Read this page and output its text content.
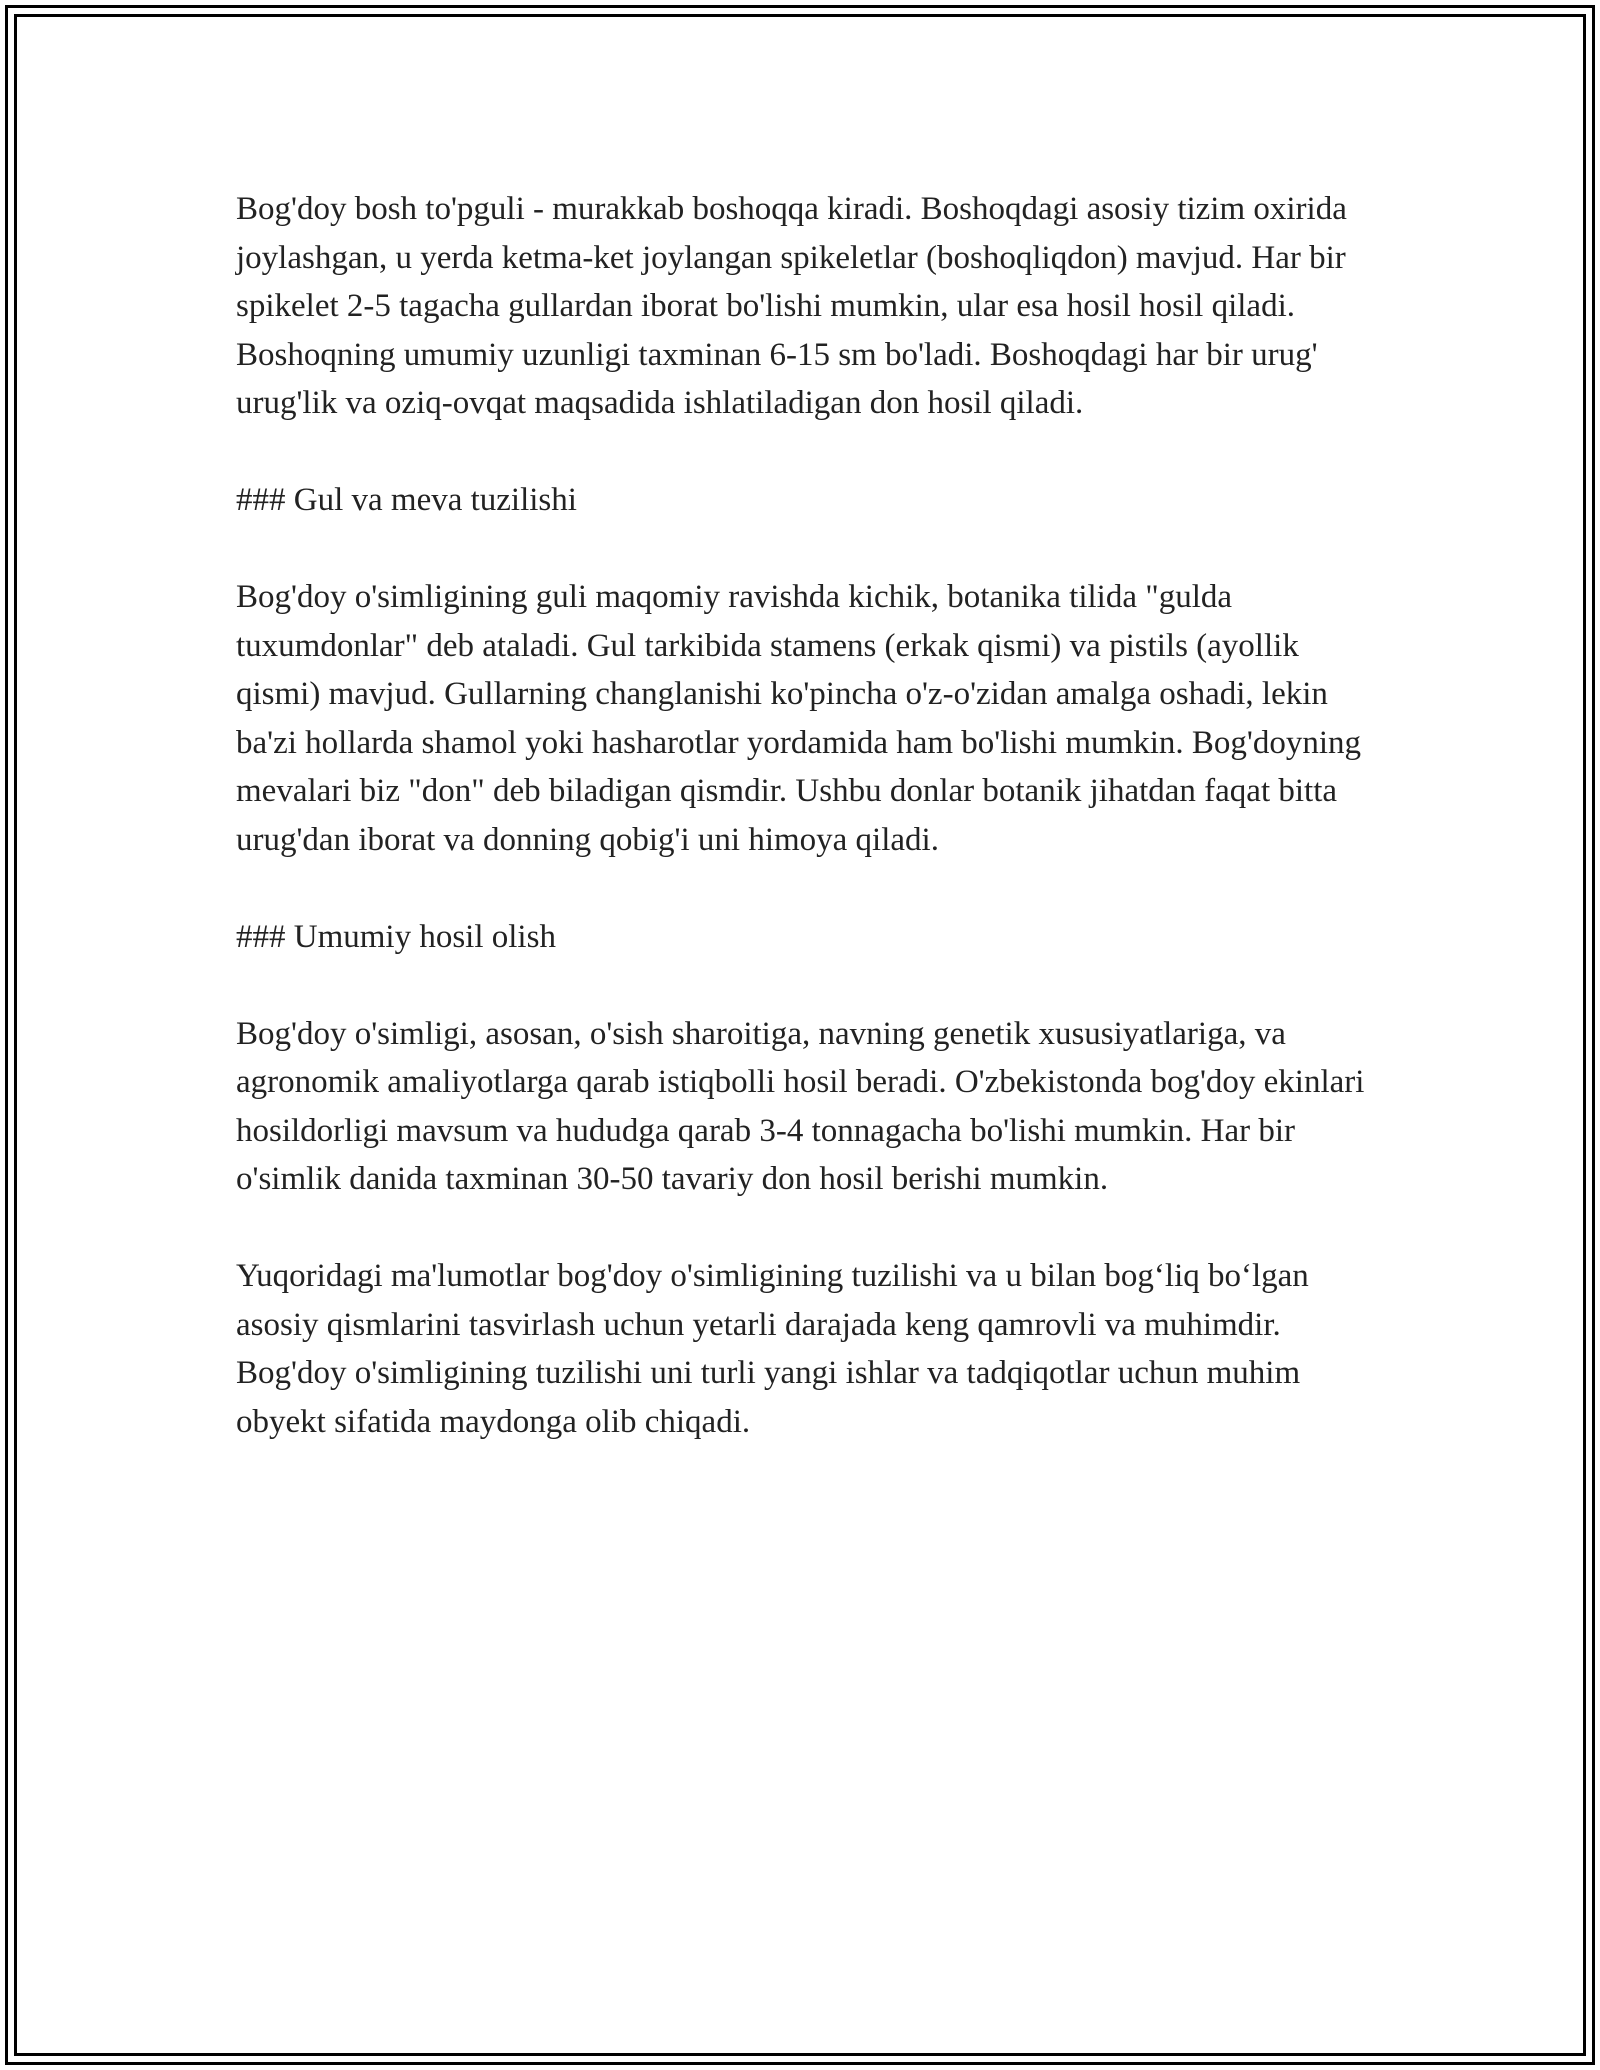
Bog'doy bosh to'pguli - murakkab boshoqqa kiradi. Boshoqdagi asosiy tizim oxirida joylashgan, u yerda ketma-ket joylangan spikeletlar (boshoqliqdon) mavjud. Har bir spikelet 2-5 tagacha gullardan iborat bo'lishi mumkin, ular esa hosil hosil qiladi. Boshoqning umumiy uzunligi taxminan 6-15 sm bo'ladi. Boshoqdagi har bir urug' urug'lik va oziq-ovqat maqsadida ishlatiladigan don hosil qiladi.

### Gul va meva tuzilishi

Bog'doy o'simligining guli maqomiy ravishda kichik, botanika tilida "gulda tuxumdonlar" deb ataladi. Gul tarkibida stamens (erkak qismi) va pistils (ayollik qismi) mavjud. Gullarning changlanishi ko'pincha o'z-o'zidan amalga oshadi, lekin ba'zi hollarda shamol yoki hasharotlar yordamida ham bo'lishi mumkin. Bog'doyning mevalari biz "don" deb biladigan qismdir. Ushbu donlar botanik jihatdan faqat bitta urug'dan iborat va donning qobig'i uni himoya qiladi.

### Umumiy hosil olish

Bog'doy o'simligi, asosan, o'sish sharoitiga, navning genetik xususiyatlariga, va agronomik amaliyotlarga qarab istiqbolli hosil beradi. O'zbekistonda bog'doy ekinlari hosildorligi mavsum va hududga qarab 3-4 tonnagacha bo'lishi mumkin. Har bir o'simlik danida taxminan 30-50 tavariy don hosil berishi mumkin.

Yuqoridagi ma'lumotlar bog'doy o'simligining tuzilishi va u bilan bog‘liq bo‘lgan asosiy qismlarini tasvirlash uchun yetarli darajada keng qamrovli va muhimdir. Bog'doy o'simligining tuzilishi uni turli yangi ishlar va tadqiqotlar uchun muhim obyekt sifatida maydonga olib chiqadi.
